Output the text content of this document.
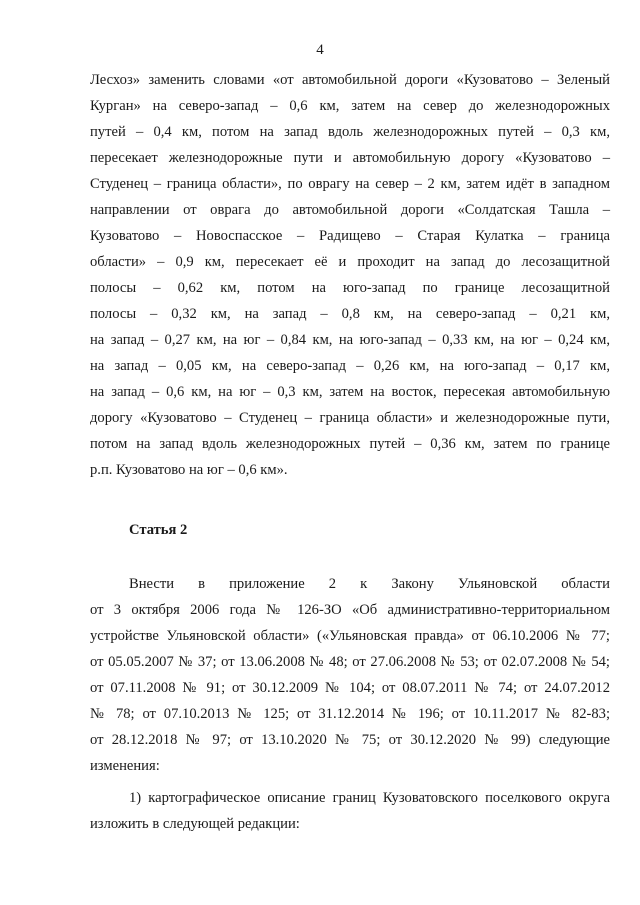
4
Лесхоз» заменить словами «от автомобильной дороги «Кузоватово – Зеленый
Курган» на северо-запад – 0,6 км, затем на север до железнодорожных
путей – 0,4 км, потом на запад вдоль железнодорожных путей – 0,3 км,
пересекает железнодорожные пути и автомобильную дорогу «Кузоватово –
Студенец – граница области», по оврагу на север – 2 км, затем идёт в западном
направлении от оврага до автомобильной дороги «Солдатская Ташла –
Кузоватово – Новоспасское – Радищево – Старая Кулатка – граница
области» – 0,9 км, пересекает её и проходит на запад до лесозащитной
полосы – 0,62 км, потом на юго-запад по границе лесозащитной
полосы – 0,32 км, на запад – 0,8 км, на северо-запад – 0,21 км,
на запад – 0,27 км, на юг – 0,84 км, на юго-запад – 0,33 км, на юг – 0,24 км,
на запад – 0,05 км, на северо-запад – 0,26 км, на юго-запад – 0,17 км,
на запад – 0,6 км, на юг – 0,3 км, затем на восток, пересекая автомобильную
дорогу «Кузоватово – Студенец – граница области» и железнодорожные пути,
потом на запад вдоль железнодорожных путей – 0,36 км, затем по границе
р.п. Кузоватово на юг – 0,6 км».
Статья 2
Внести в приложение 2 к Закону Ульяновской области
от 3 октября 2006 года № 126-ЗО «Об административно-территориальном
устройстве Ульяновской области» («Ульяновская правда» от 06.10.2006 № 77;
от 05.05.2007 № 37; от 13.06.2008 № 48; от 27.06.2008 № 53; от 02.07.2008 № 54;
от 07.11.2008 № 91; от 30.12.2009 № 104; от 08.07.2011 № 74; от 24.07.2012
№ 78; от 07.10.2013 № 125; от 31.12.2014 № 196; от 10.11.2017 № 82-83;
от 28.12.2018 № 97; от 13.10.2020 № 75; от 30.12.2020 № 99) следующие
изменения:
1) картографическое описание границ Кузоватовского поселкового округа
изложить в следующей редакции:
